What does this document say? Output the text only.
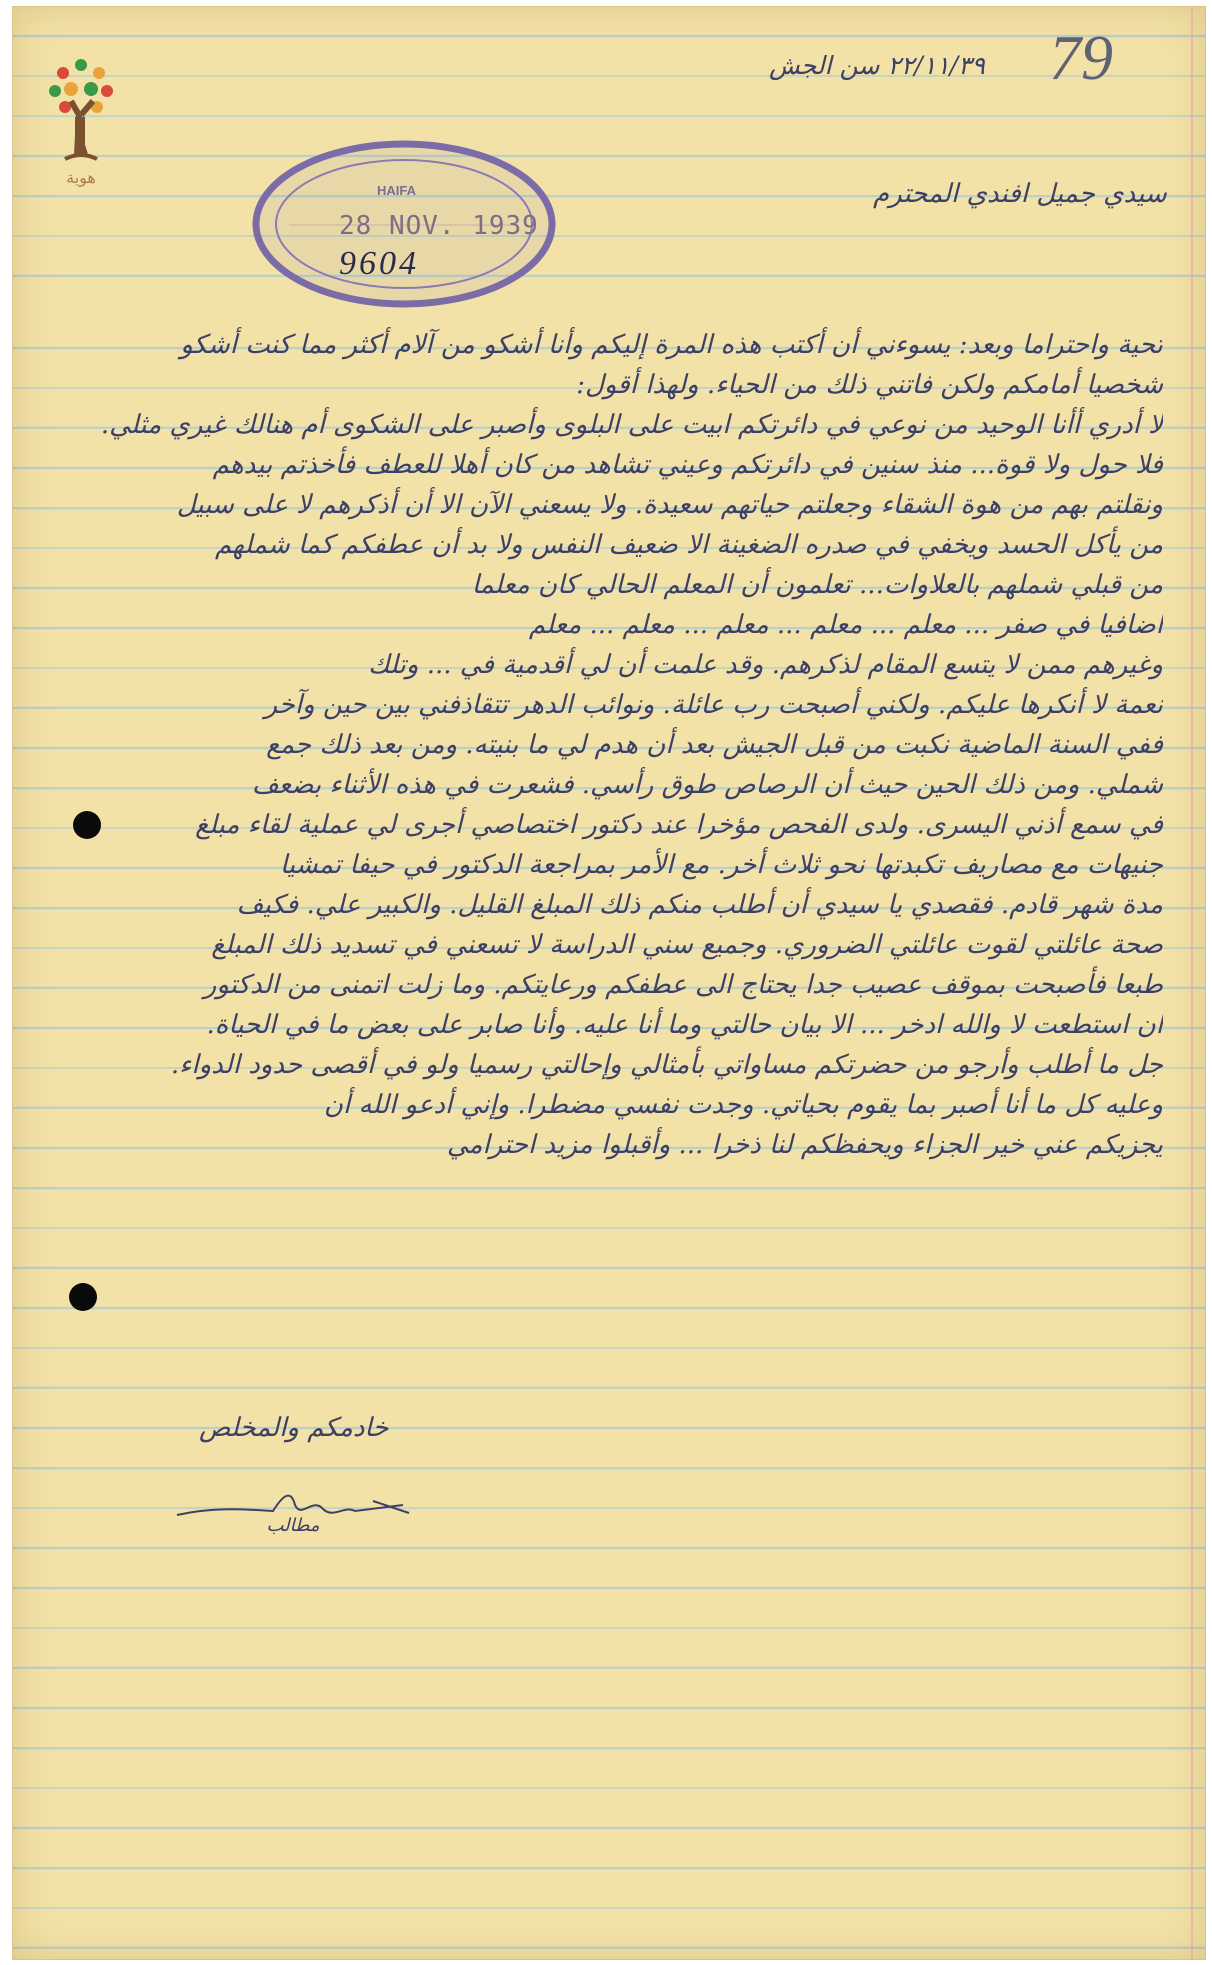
هوية
HAIFA
28 NOV. 1939
9604
79
٢٢/١١/٣٩ سن الجش
سيدي جميل افندي المحترم
تحية واحتراما وبعد: يسوءني أن أكتب هذه المرة إليكم وأنا أشكو من آلام أكثر مما كنت أشكو
شخصيا أمامكم ولكن فاتني ذلك من الحياء. ولهذا أقول:
لا أدري أأنا الوحيد من نوعي في دائرتكم ابيت على البلوى وأصبر على الشكوى أم هنالك غيري مثلي.
فلا حول ولا قوة... منذ سنين في دائرتكم وعيني تشاهد من كان أهلا للعطف فأخذتم بيدهم
ونقلتم بهم من هوة الشقاء وجعلتم حياتهم سعيدة. ولا يسعني الآن الا أن أذكرهم لا على سبيل
من يأكل الحسد ويخفي في صدره الضغينة الا ضعيف النفس ولا بد أن عطفكم كما شملهم
من قبلي شملهم بالعلاوات... تعلمون أن المعلم الحالي كان معلما
اضافيا في صفر ... معلم ... معلم ... معلم ... معلم ... معلم
وغيرهم ممن لا يتسع المقام لذكرهم. وقد علمت أن لي أقدمية في ... وتلك
نعمة لا أنكرها عليكم. ولكني أصبحت رب عائلة. ونوائب الدهر تتقاذفني بين حين وآخر
ففي السنة الماضية نكبت من قبل الجيش بعد أن هدم لي ما بنيته. ومن بعد ذلك جمع
شملي. ومن ذلك الحين حيث أن الرصاص طوق رأسي. فشعرت في هذه الأثناء بضعف
في سمع أذني اليسرى. ولدى الفحص مؤخرا عند دكتور اختصاصي أجرى لي عملية لقاء مبلغ
جنيهات مع مصاريف تكبدتها نحو ثلاث أخر. مع الأمر بمراجعة الدكتور في حيفا تمشيا
مدة شهر قادم. فقصدي يا سيدي أن أطلب منكم ذلك المبلغ القليل. والكبير علي. فكيف
صحة عائلتي لقوت عائلتي الضروري. وجميع سني الدراسة لا تسعني في تسديد ذلك المبلغ
طبعا فأصبحت بموقف عصيب جدا يحتاج الى عطفكم ورعايتكم. وما زلت اتمنى من الدكتور
ان استطعت لا والله ادخر ... الا بيان حالتي وما أنا عليه. وأنا صابر على بعض ما في الحياة.
جل ما أطلب وأرجو من حضرتكم مساواتي بأمثالي وإحالتي رسميا ولو في أقصى حدود الدواء.
وعليه كل ما أنا أصبر بما يقوم بحياتي. وجدت نفسي مضطرا. وإني أدعو الله أن
يجزيكم عني خير الجزاء ويحفظكم لنا ذخرا ... وأقبلوا مزيد احترامي
خادمكم والمخلص
مطالب
